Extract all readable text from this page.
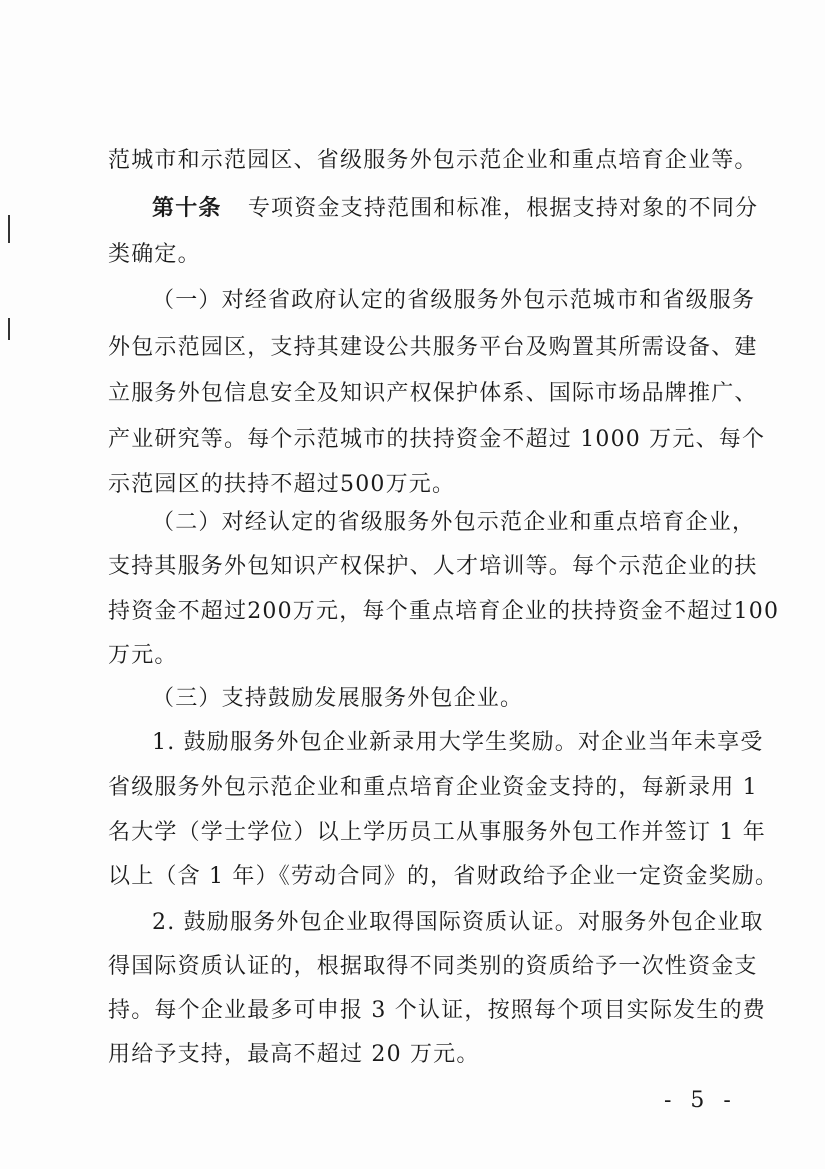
范城市和示范园区、省级服务外包示范企业和重点培育企业等。
第十条 专项资金支持范围和标准，根据支持对象的不同分
类确定。
（一）对经省政府认定的省级服务外包示范城市和省级服务
外包示范园区，支持其建设公共服务平台及购置其所需设备、建
立服务外包信息安全及知识产权保护体系、国际市场品牌推广、
产业研究等。每个示范城市的扶持资金不超过 1000 万元、每个
示范园区的扶持不超过500万元。
（二）对经认定的省级服务外包示范企业和重点培育企业，
支持其服务外包知识产权保护、人才培训等。每个示范企业的扶
持资金不超过200万元，每个重点培育企业的扶持资金不超过100
万元。
（三）支持鼓励发展服务外包企业。
1. 鼓励服务外包企业新录用大学生奖励。对企业当年未享受
省级服务外包示范企业和重点培育企业资金支持的，每新录用 1
名大学（学士学位）以上学历员工从事服务外包工作并签订 1 年
以上（含 1 年）《劳动合同》的，省财政给予企业一定资金奖励。
2. 鼓励服务外包企业取得国际资质认证。对服务外包企业取
得国际资质认证的，根据取得不同类别的资质给予一次性资金支
持。每个企业最多可申报 3 个认证，按照每个项目实际发生的费
用给予支持，最高不超过 20 万元。
- 5 -
